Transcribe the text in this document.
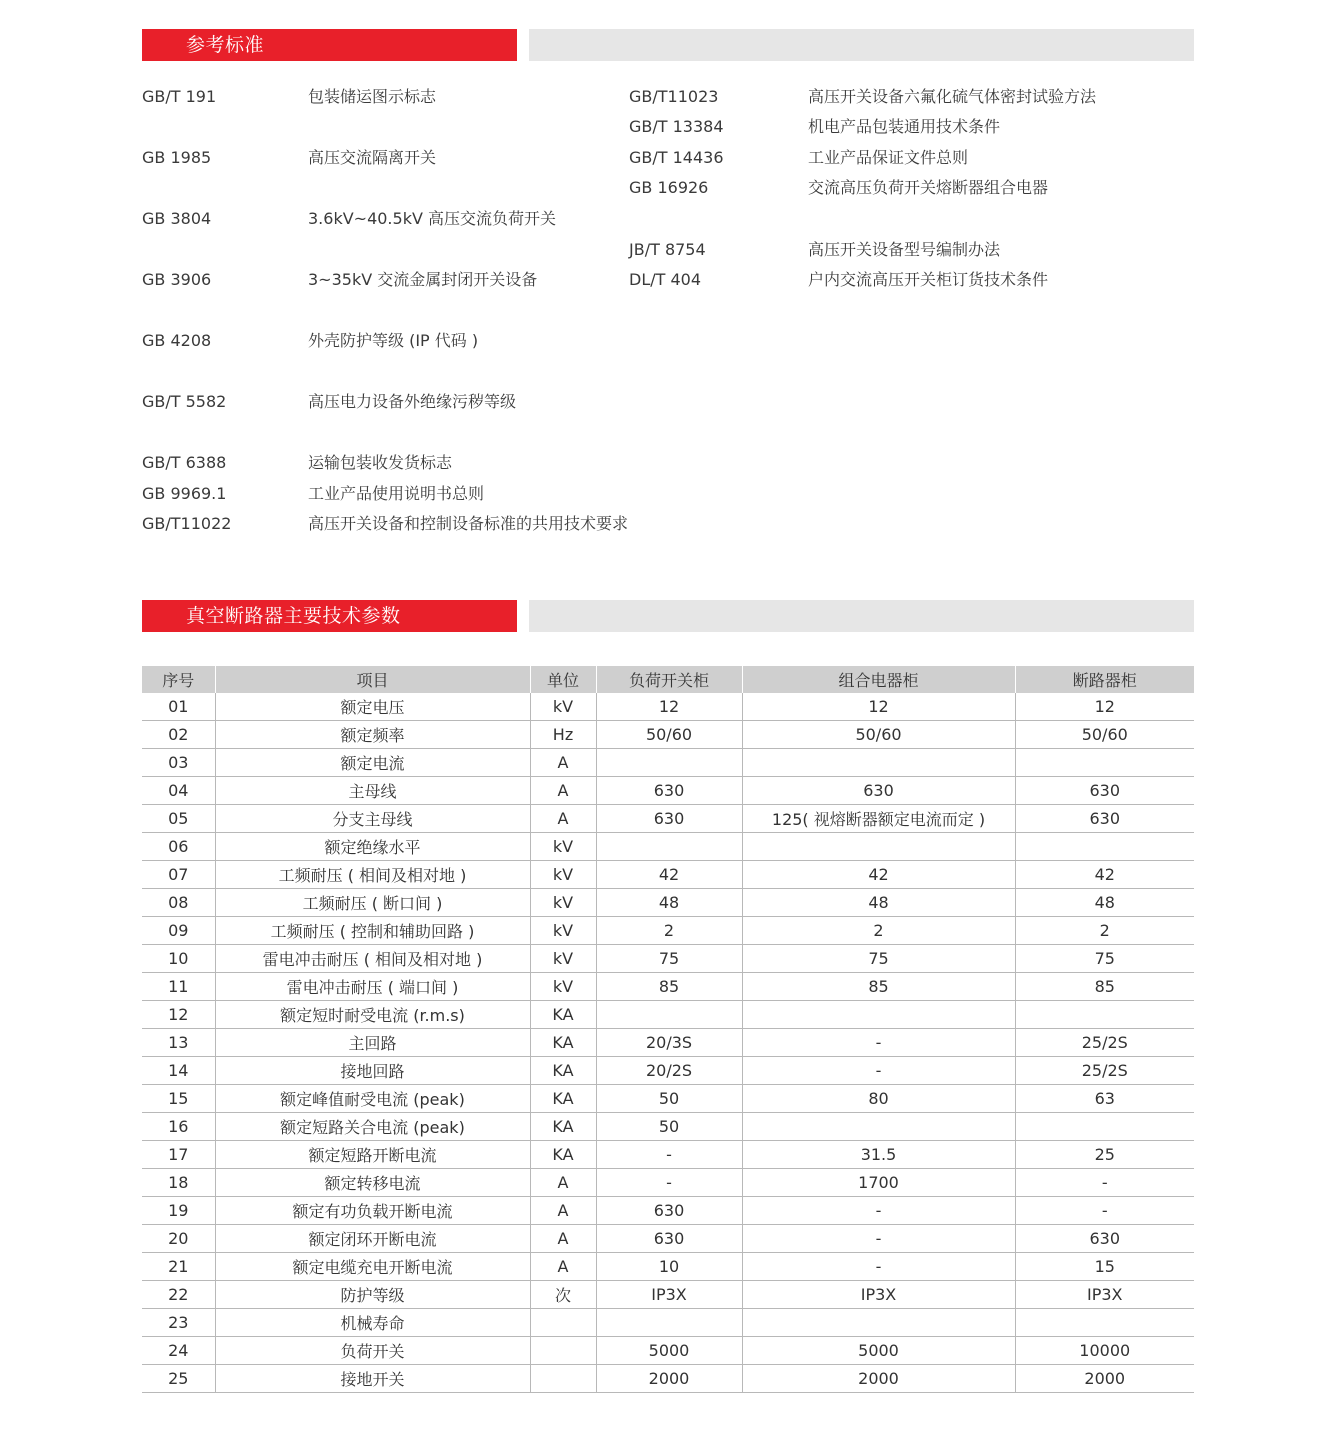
参考标准
GB/T 191	包装储运图示标志
GB 1985	高压交流隔离开关
GB 3804	3.6kV~40.5kV 高压交流负荷开关
GB 3906	3~35kV 交流金属封闭开关设备
GB 4208	外壳防护等级 (IP 代码 )
GB/T 5582	高压电力设备外绝缘污秽等级
GB/T 6388	运输包装收发货标志
GB 9969.1	工业产品使用说明书总则
GB/T11022	高压开关设备和控制设备标准的共用技术要求
GB/T11023	高压开关设备六氟化硫气体密封试验方法
GB/T 13384	机电产品包装通用技术条件
GB/T 14436	工业产品保证文件总则
GB 16926	交流高压负荷开关熔断器组合电器
JB/T 8754	高压开关设备型号编制办法
DL/T 404	户内交流高压开关柜订货技术条件
真空断路器主要技术参数
序号	项目	单位	负荷开关柜	组合电器柜	断路器柜
01	额定电压	kV	12	12	12
02	额定频率	Hz	50/60	50/60	50/60
03	额定电流	A			
04	主母线	A	630	630	630
05	分支主母线	A	630	125( 视熔断器额定电流而定 )	630
06	额定绝缘水平	kV			
07	工频耐压 ( 相间及相对地 )	kV	42	42	42
08	工频耐压 ( 断口间 )	kV	48	48	48
09	工频耐压 ( 控制和辅助回路 )	kV	2	2	2
10	雷电冲击耐压 ( 相间及相对地 )	kV	75	75	75
11	雷电冲击耐压 ( 端口间 )	kV	85	85	85
12	额定短时耐受电流 (r.m.s)	KA			
13	主回路	KA	20/3S	-	25/2S
14	接地回路	KA	20/2S	-	25/2S
15	额定峰值耐受电流 (peak)	KA	50	80	63
16	额定短路关合电流 (peak)	KA	50		
17	额定短路开断电流	KA	-	31.5	25
18	额定转移电流	A	-	1700	-
19	额定有功负载开断电流	A	630	-	-
20	额定闭环开断电流	A	630	-	630
21	额定电缆充电开断电流	A	10	-	15
22	防护等级	次	IP3X	IP3X	IP3X
23	机械寿命				
24	负荷开关		5000	5000	10000
25	接地开关		2000	2000	2000
